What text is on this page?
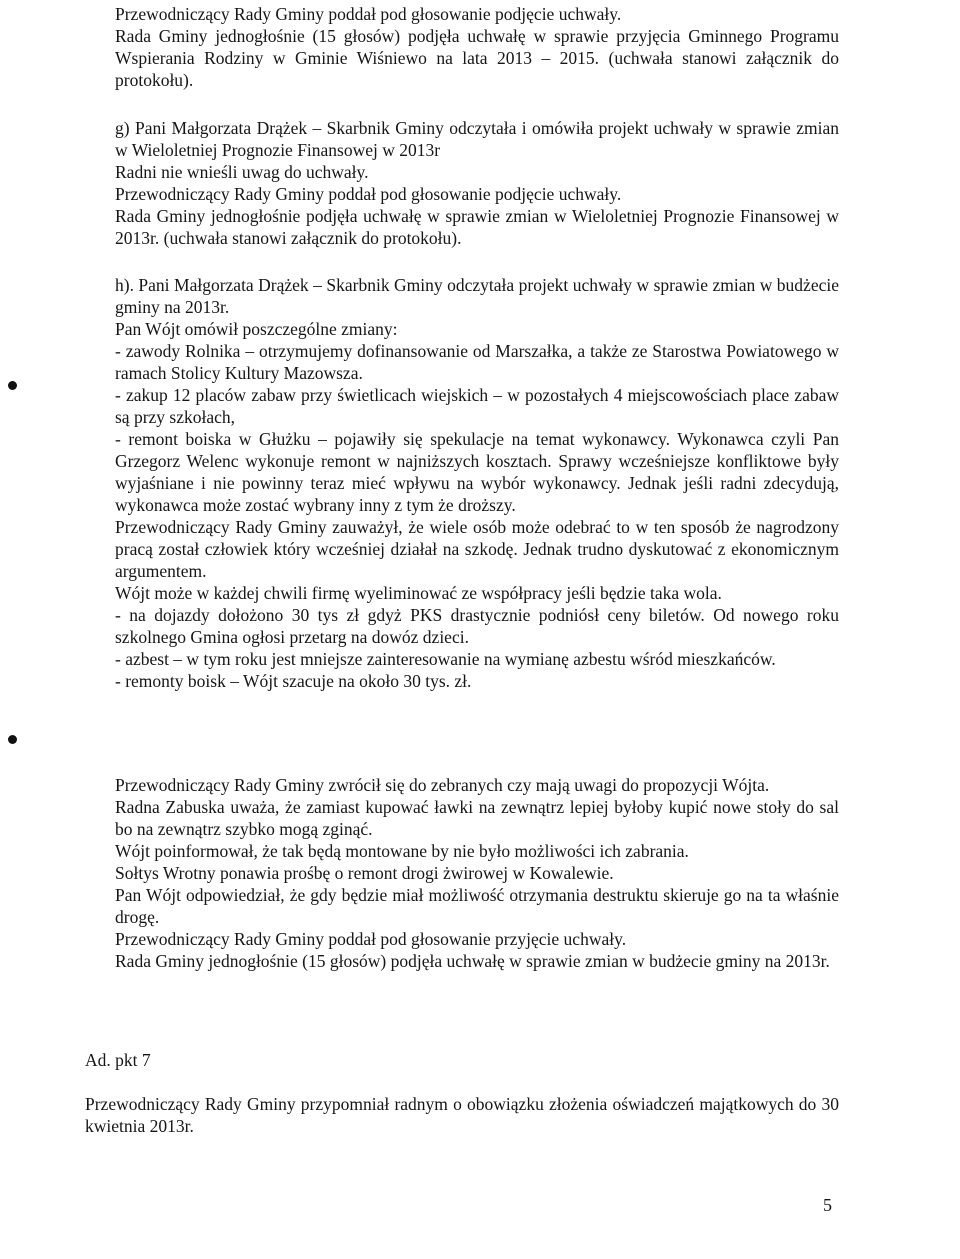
Przewodniczący Rady Gminy poddał pod głosowanie podjęcie uchwały.

Rada Gminy jednogłośnie (15 głosów) podjęła uchwałę w sprawie przyjęcia Gminnego Programu Wspierania Rodziny w Gminie Wiśniewo na lata 2013 – 2015. (uchwała stanowi załącznik do protokołu).

g) Pani Małgorzata Drążek – Skarbnik Gminy odczytała i omówiła projekt uchwały w sprawie zmian w Wieloletniej Prognozie Finansowej w 2013r

Radni nie wnieśli uwag do uchwały.

Przewodniczący Rady Gminy poddał pod głosowanie podjęcie uchwały.

Rada Gminy jednogłośnie podjęła uchwałę w sprawie zmian w Wieloletniej Prognozie Finansowej w 2013r. (uchwała stanowi załącznik do protokołu).

h). Pani Małgorzata Drążek – Skarbnik Gminy odczytała projekt uchwały w sprawie zmian w budżecie gminy na 2013r.

Pan Wójt omówił poszczególne zmiany:

- zawody Rolnika – otrzymujemy dofinansowanie od Marszałka, a także ze Starostwa Powiatowego w ramach Stolicy Kultury Mazowsza.

- zakup 12 placów zabaw przy świetlicach wiejskich – w pozostałych 4 miejscowościach place zabaw są przy szkołach,

- remont boiska w Głużku – pojawiły się spekulacje na temat wykonawcy. Wykonawca czyli Pan Grzegorz Welenc wykonuje remont w najniższych kosztach. Sprawy wcześniejsze konfliktowe były wyjaśniane i nie powinny teraz mieć wpływu na wybór wykonawcy. Jednak jeśli radni zdecydują, wykonawca może zostać wybrany inny z tym że droższy.

Przewodniczący Rady Gminy zauważył, że wiele osób może odebrać to w ten sposób że nagrodzony pracą został człowiek który wcześniej działał na szkodę. Jednak trudno dyskutować z ekonomicznym argumentem.

Wójt może w każdej chwili firmę wyeliminować ze współpracy jeśli będzie taka wola.

- na dojazdy dołożono 30 tys zł gdyż PKS drastycznie podniósł ceny biletów. Od nowego roku szkolnego Gmina ogłosi przetarg na dowóz dzieci.

- azbest – w tym roku jest mniejsze zainteresowanie na wymianę azbestu wśród mieszkańców.

- remonty boisk – Wójt szacuje na około 30 tys. zł.

Przewodniczący Rady Gminy zwrócił się do zebranych czy mają uwagi do propozycji Wójta.

Radna Zabuska uważa, że zamiast kupować ławki na zewnątrz lepiej byłoby kupić nowe stoły do sal bo na zewnątrz szybko mogą zginąć.

Wójt poinformował, że tak będą montowane by nie było możliwości ich zabrania.

Sołtys Wrotny ponawia prośbę o remont drogi żwirowej w Kowalewie.

Pan Wójt odpowiedział, że gdy będzie miał możliwość otrzymania destruktu skieruje go na ta właśnie drogę.

Przewodniczący Rady Gminy poddał pod głosowanie przyjęcie uchwały.

Rada Gminy jednogłośnie (15 głosów) podjęła uchwałę w sprawie zmian w budżecie gminy na 2013r.

Ad. pkt 7

Przewodniczący Rady Gminy przypomniał radnym o obowiązku złożenia oświadczeń majątkowych do 30 kwietnia 2013r.

5
